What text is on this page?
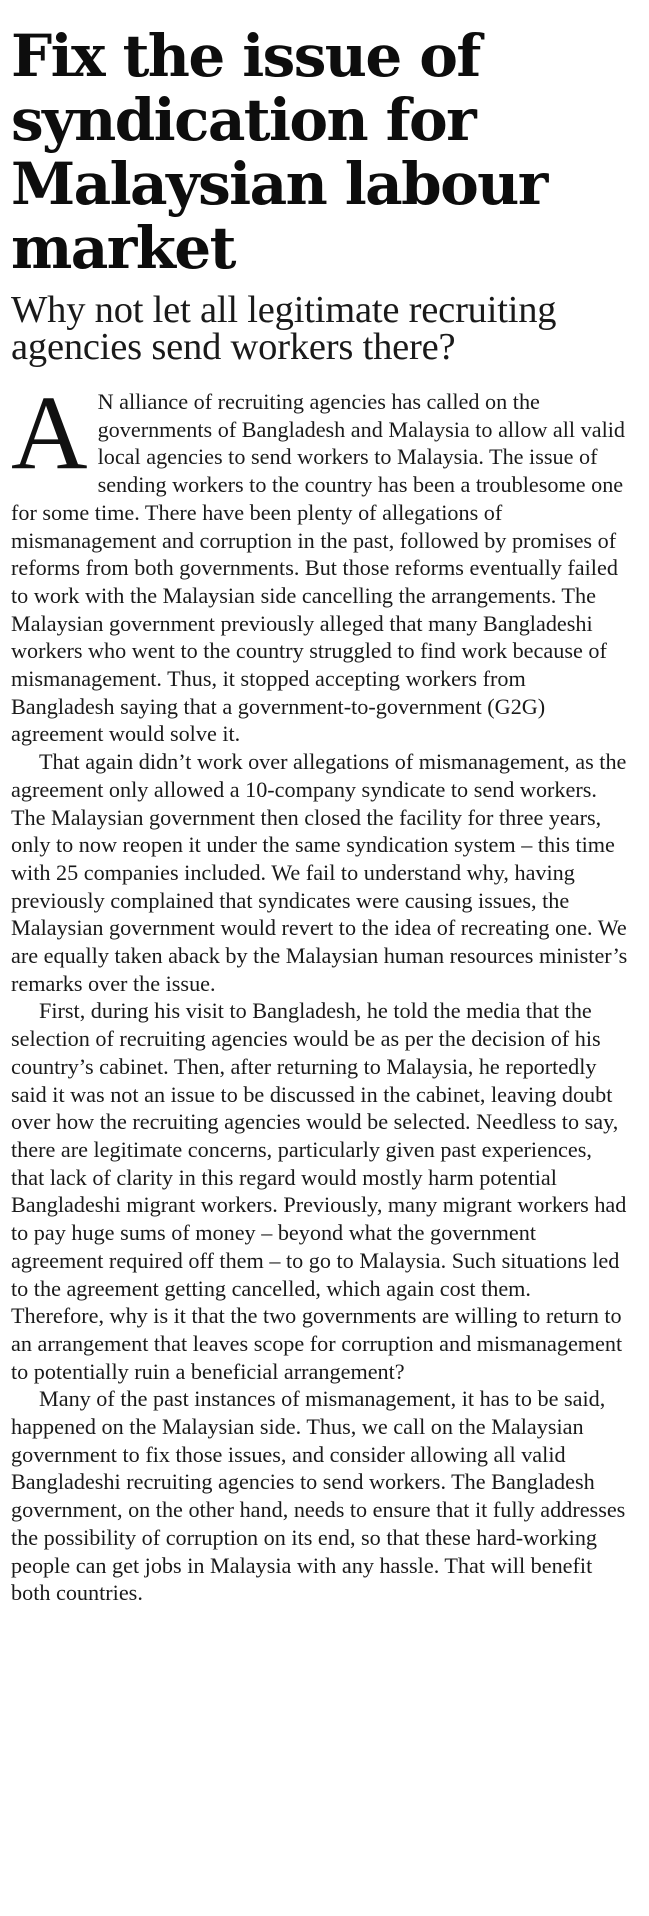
Fix the issue of syndication for Malaysian labour market
Why not let all legitimate recruiting agencies send workers there?

A N alliance of recruiting agencies has called on the governments of Bangladesh and Malaysia to allow all valid local agencies to send workers to Malaysia. The issue of sending workers to the country has been a troublesome one for some time. There have been plenty of allegations of mismanagement and corruption in the past, followed by promises of reforms from both governments. But those reforms eventually failed to work with the Malaysian side cancelling the arrangements. The Malaysian government previously alleged that many Bangladeshi workers who went to the country struggled to find work because of mismanagement. Thus, it stopped accepting workers from Bangladesh saying that a government-to-government (G2G) agreement would solve it.

That again didn’t work over allegations of mismanagement, as the agreement only allowed a 10-company syndicate to send workers. The Malaysian government then closed the facility for three years, only to now reopen it under the same syndication system – this time with 25 companies included. We fail to understand why, having previously complained that syndicates were causing issues, the Malaysian government would revert to the idea of recreating one. We are equally taken aback by the Malaysian human resources minister’s remarks over the issue.

First, during his visit to Bangladesh, he told the media that the selection of recruiting agencies would be as per the decision of his country’s cabinet. Then, after returning to Malaysia, he reportedly said it was not an issue to be discussed in the cabinet, leaving doubt over how the recruiting agencies would be selected. Needless to say, there are legitimate concerns, particularly given past experiences, that lack of clarity in this regard would mostly harm potential Bangladeshi migrant workers. Previously, many migrant workers had to pay huge sums of money – beyond what the government agreement required off them – to go to Malaysia. Such situations led to the agreement getting cancelled, which again cost them. Therefore, why is it that the two governments are willing to return to an arrangement that leaves scope for corruption and mismanagement to potentially ruin a beneficial arrangement?

Many of the past instances of mismanagement, it has to be said, happened on the Malaysian side. Thus, we call on the Malaysian government to fix those issues, and consider allowing all valid Bangladeshi recruiting agencies to send workers. The Bangladesh government, on the other hand, needs to ensure that it fully addresses the possibility of corruption on its end, so that these hard-working people can get jobs in Malaysia with any hassle. That will benefit both countries.
